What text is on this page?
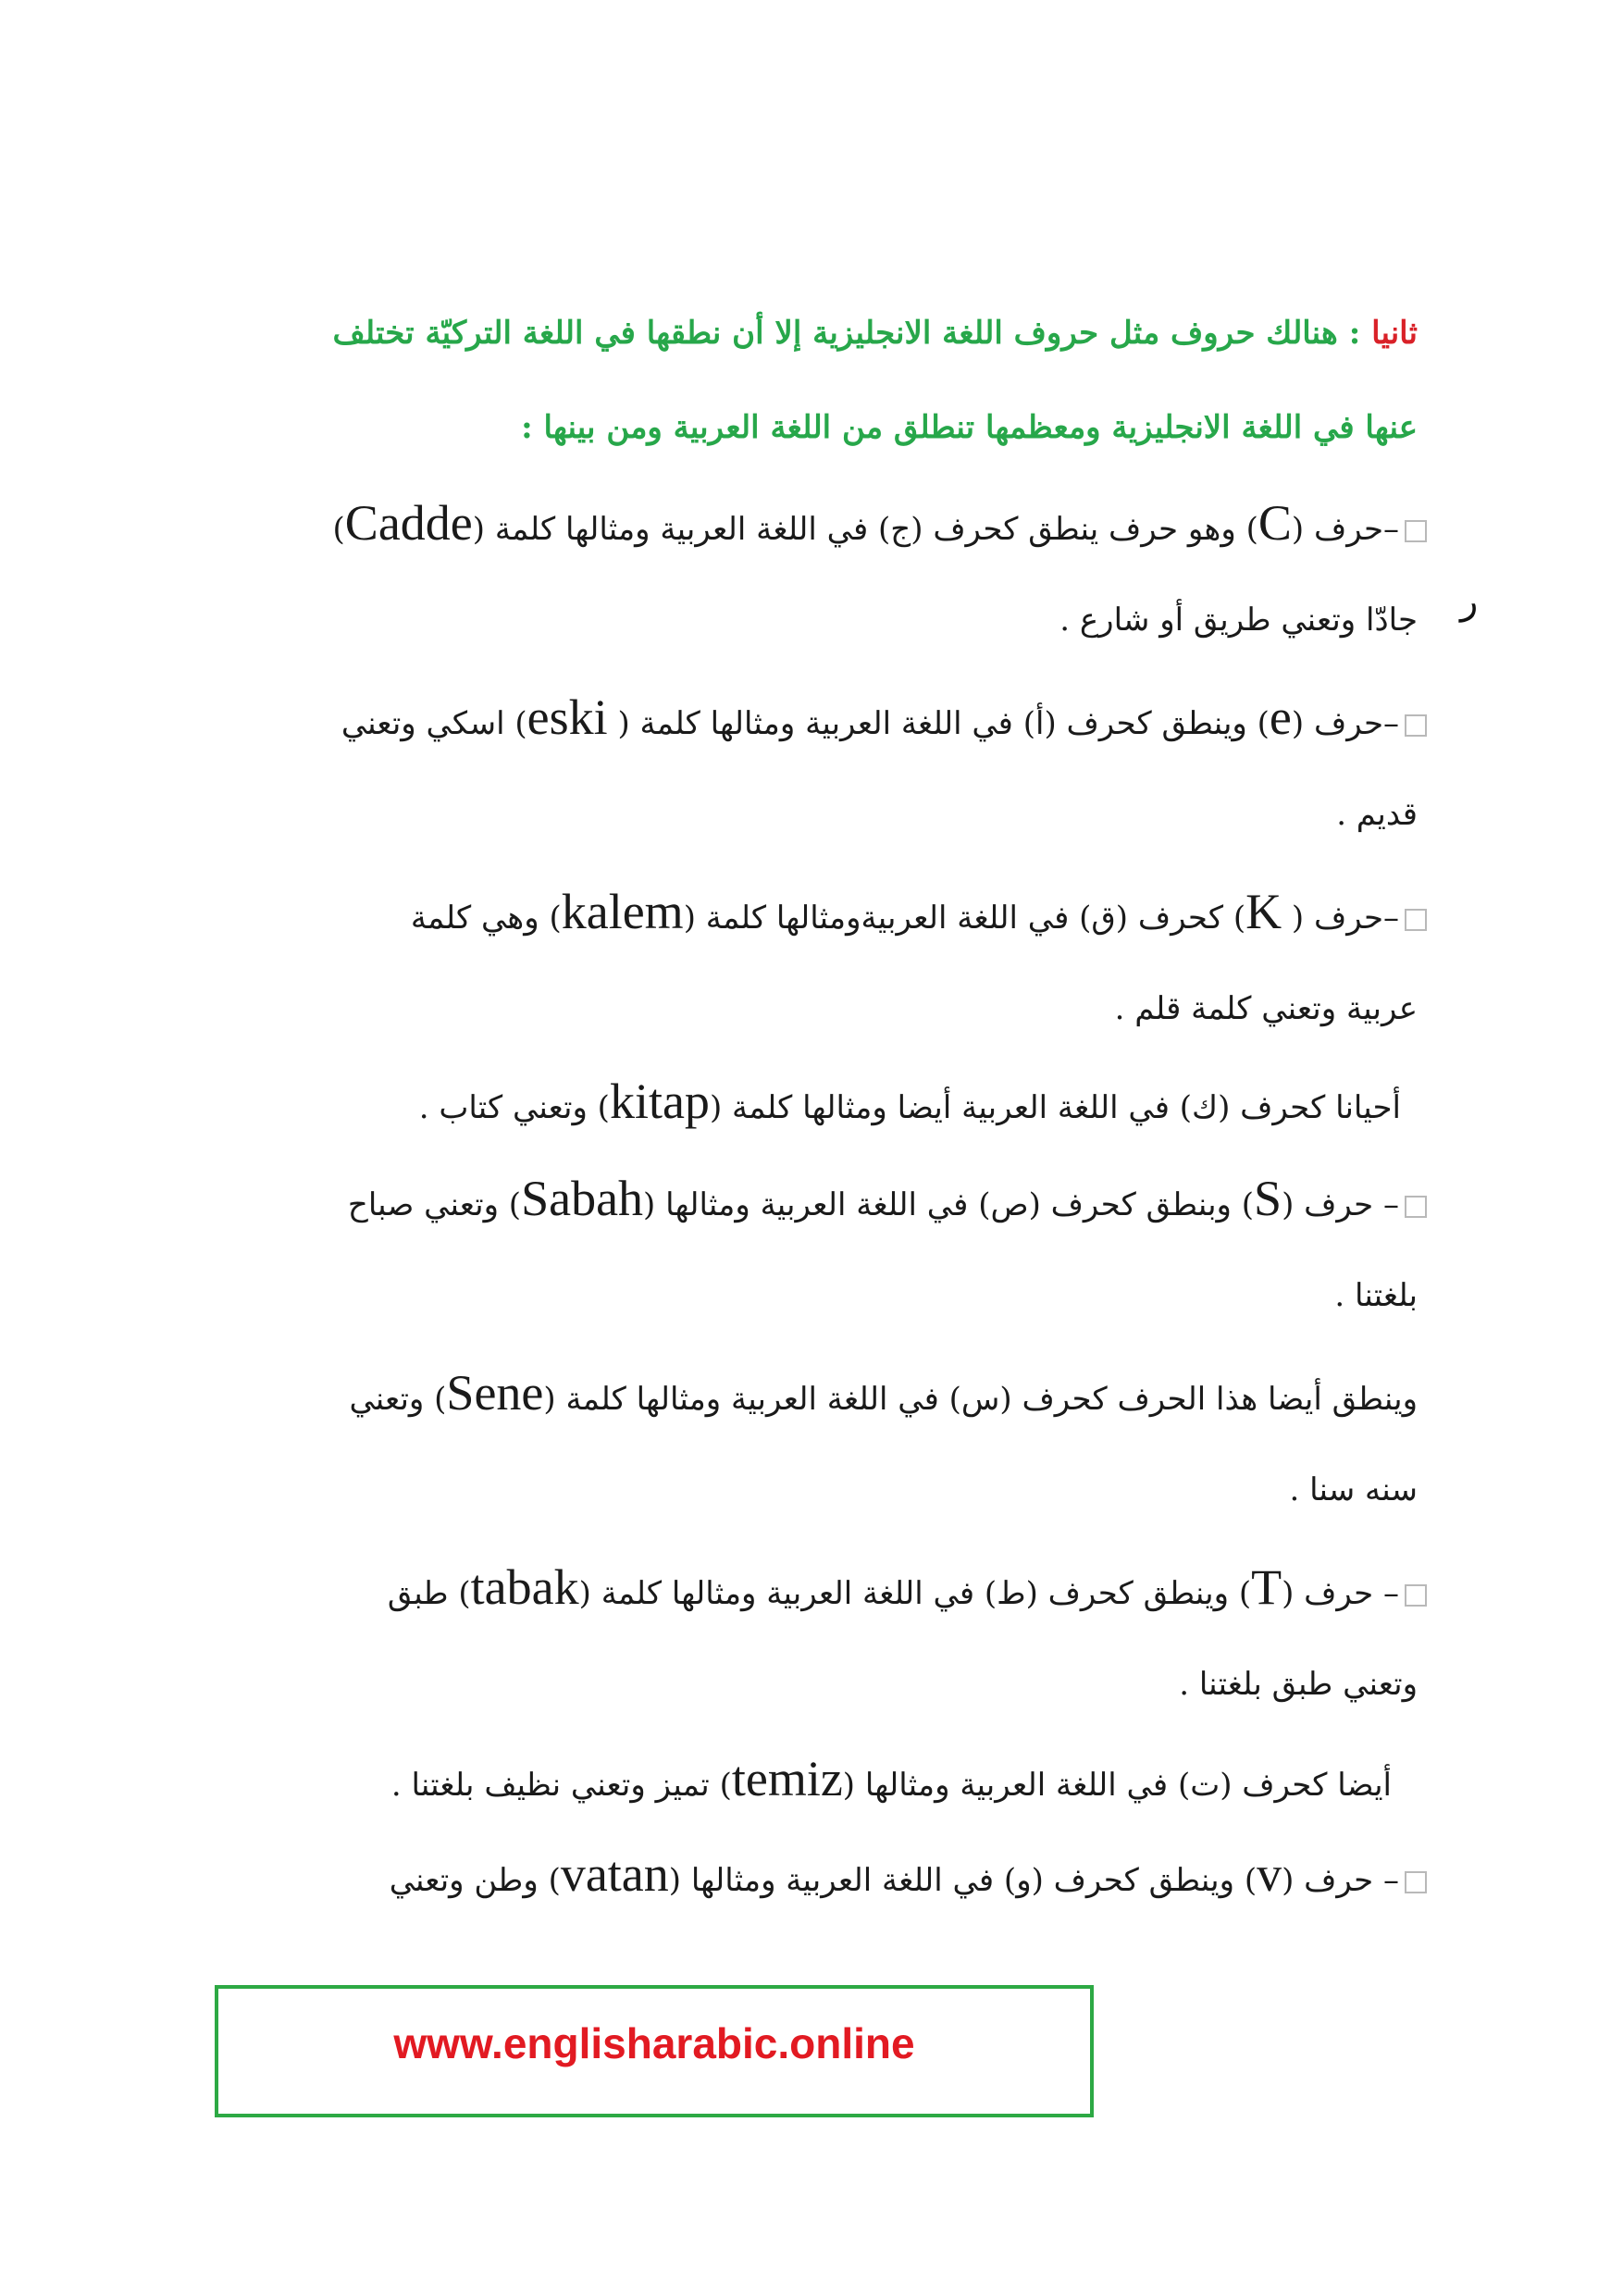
ثانيا : هنالك حروف مثل حروف اللغة الانجليزية إلا أن نطقها في اللغة التركيّة تختلف
عنها في اللغة الانجليزية ومعظمها تنطلق من اللغة العربية ومن بينها :
–حرف (C) وهو حرف ينطق كحرف (ج) في اللغة العربية ومثالها كلمة (Cadde)
جادّا وتعني طريق أو شارع . ر
–حرف (e) وينطق كحرف (أ) في اللغة العربية ومثالها كلمة ( eski) اسكي وتعني
قديم .
–حرف ( K) كحرف (ق) في اللغة العربيةومثالها كلمة (kalem) وهي كلمة
عربية وتعني كلمة قلم .
أحيانا كحرف (ك) في اللغة العربية أيضا ومثالها كلمة (kitap) وتعني كتاب .
– حرف (S) وبنطق كحرف (ص) في اللغة العربية ومثالها (Sabah) وتعني صباح
بلغتنا .
وينطق أيضا هذا الحرف كحرف (س) في اللغة العربية ومثالها كلمة (Sene) وتعني
سنه سنا .
– حرف (T) وينطق كحرف (ط) في اللغة العربية ومثالها كلمة (tabak) طبق
وتعني طبق بلغتنا .
أيضا كحرف (ت) في اللغة العربية ومثالها (temiz) تميز وتعني نظيف بلغتنا .
– حرف (v) وينطق كحرف (و) في اللغة العربية ومثالها (vatan) وطن وتعني
www.englisharabic.online
